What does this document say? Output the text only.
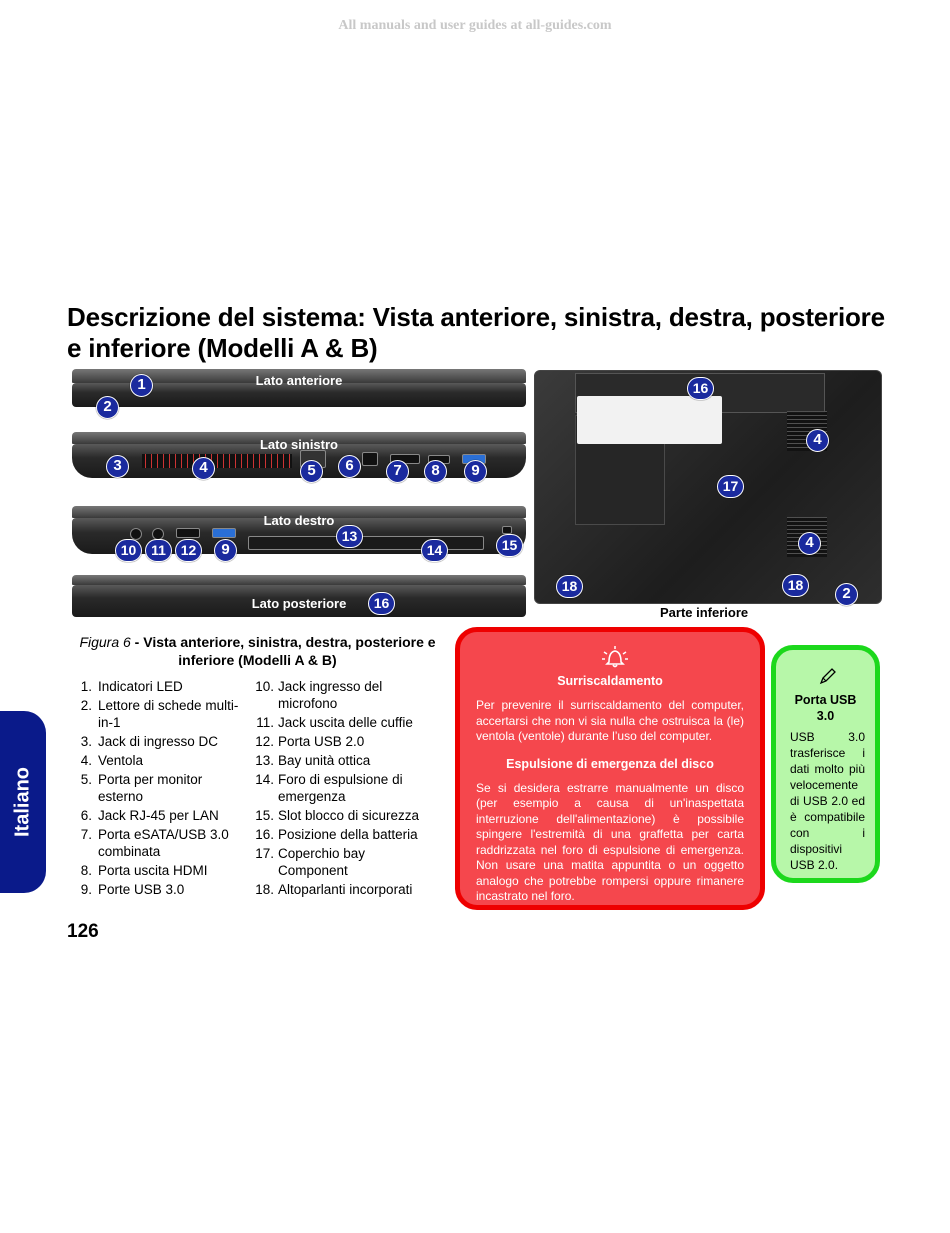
All manuals and user guides at all-guides.com
Descrizione del sistema: Vista anteriore, sinistra, destra, posteriore e inferiore (Modelli A & B)
Lato anteriore
1
2
Lato sinistro
3	4	5	6	7	8	9
Lato destro
10	11	12	9
13
14	15
Lato posteriore	16
16
4
17
4
18	18	2
Parte inferiore
Figura 6 - Vista anteriore, sinistra, destra, posteriore e inferiore (Modelli A & B)
1. Indicatori LED
2. Lettore di schede multi-in-1
3. Jack di ingresso DC
4. Ventola
5. Porta per monitor esterno
6. Jack RJ-45 per LAN
7. Porta eSATA/USB 3.0 combinata
8. Porta uscita HDMI
9. Porte USB 3.0
10. Jack ingresso del microfono
11. Jack uscita delle cuffie
12. Porta USB 2.0
13. Bay unità ottica
14. Foro di espulsione di emergenza
15. Slot blocco di sicurezza
16. Posizione della batteria
17. Coperchio bay Component
18. Altoparlanti incorporati
Surriscaldamento

Per prevenire il surriscaldamento del computer, accertarsi che non vi sia nulla che ostruisca la (le) ventola (ventole) durante l’uso del computer.

Espulsione di emergenza del disco

Se si desidera estrarre manualmente un disco (per esempio a causa di un'inaspettata interruzione dell'alimentazione) è possibile spingere l'estremità di una graffetta per carta raddrizzata nel foro di espulsione di emergenza. Non usare una matita appuntita o un oggetto analogo che potrebbe rompersi oppure rimanere incastrato nel foro.

Porta USB 3.0

USB 3.0 trasferisce i dati molto più velocemente di USB 2.0 ed è compatibile con i dispositivi USB 2.0.

Italiano
126
